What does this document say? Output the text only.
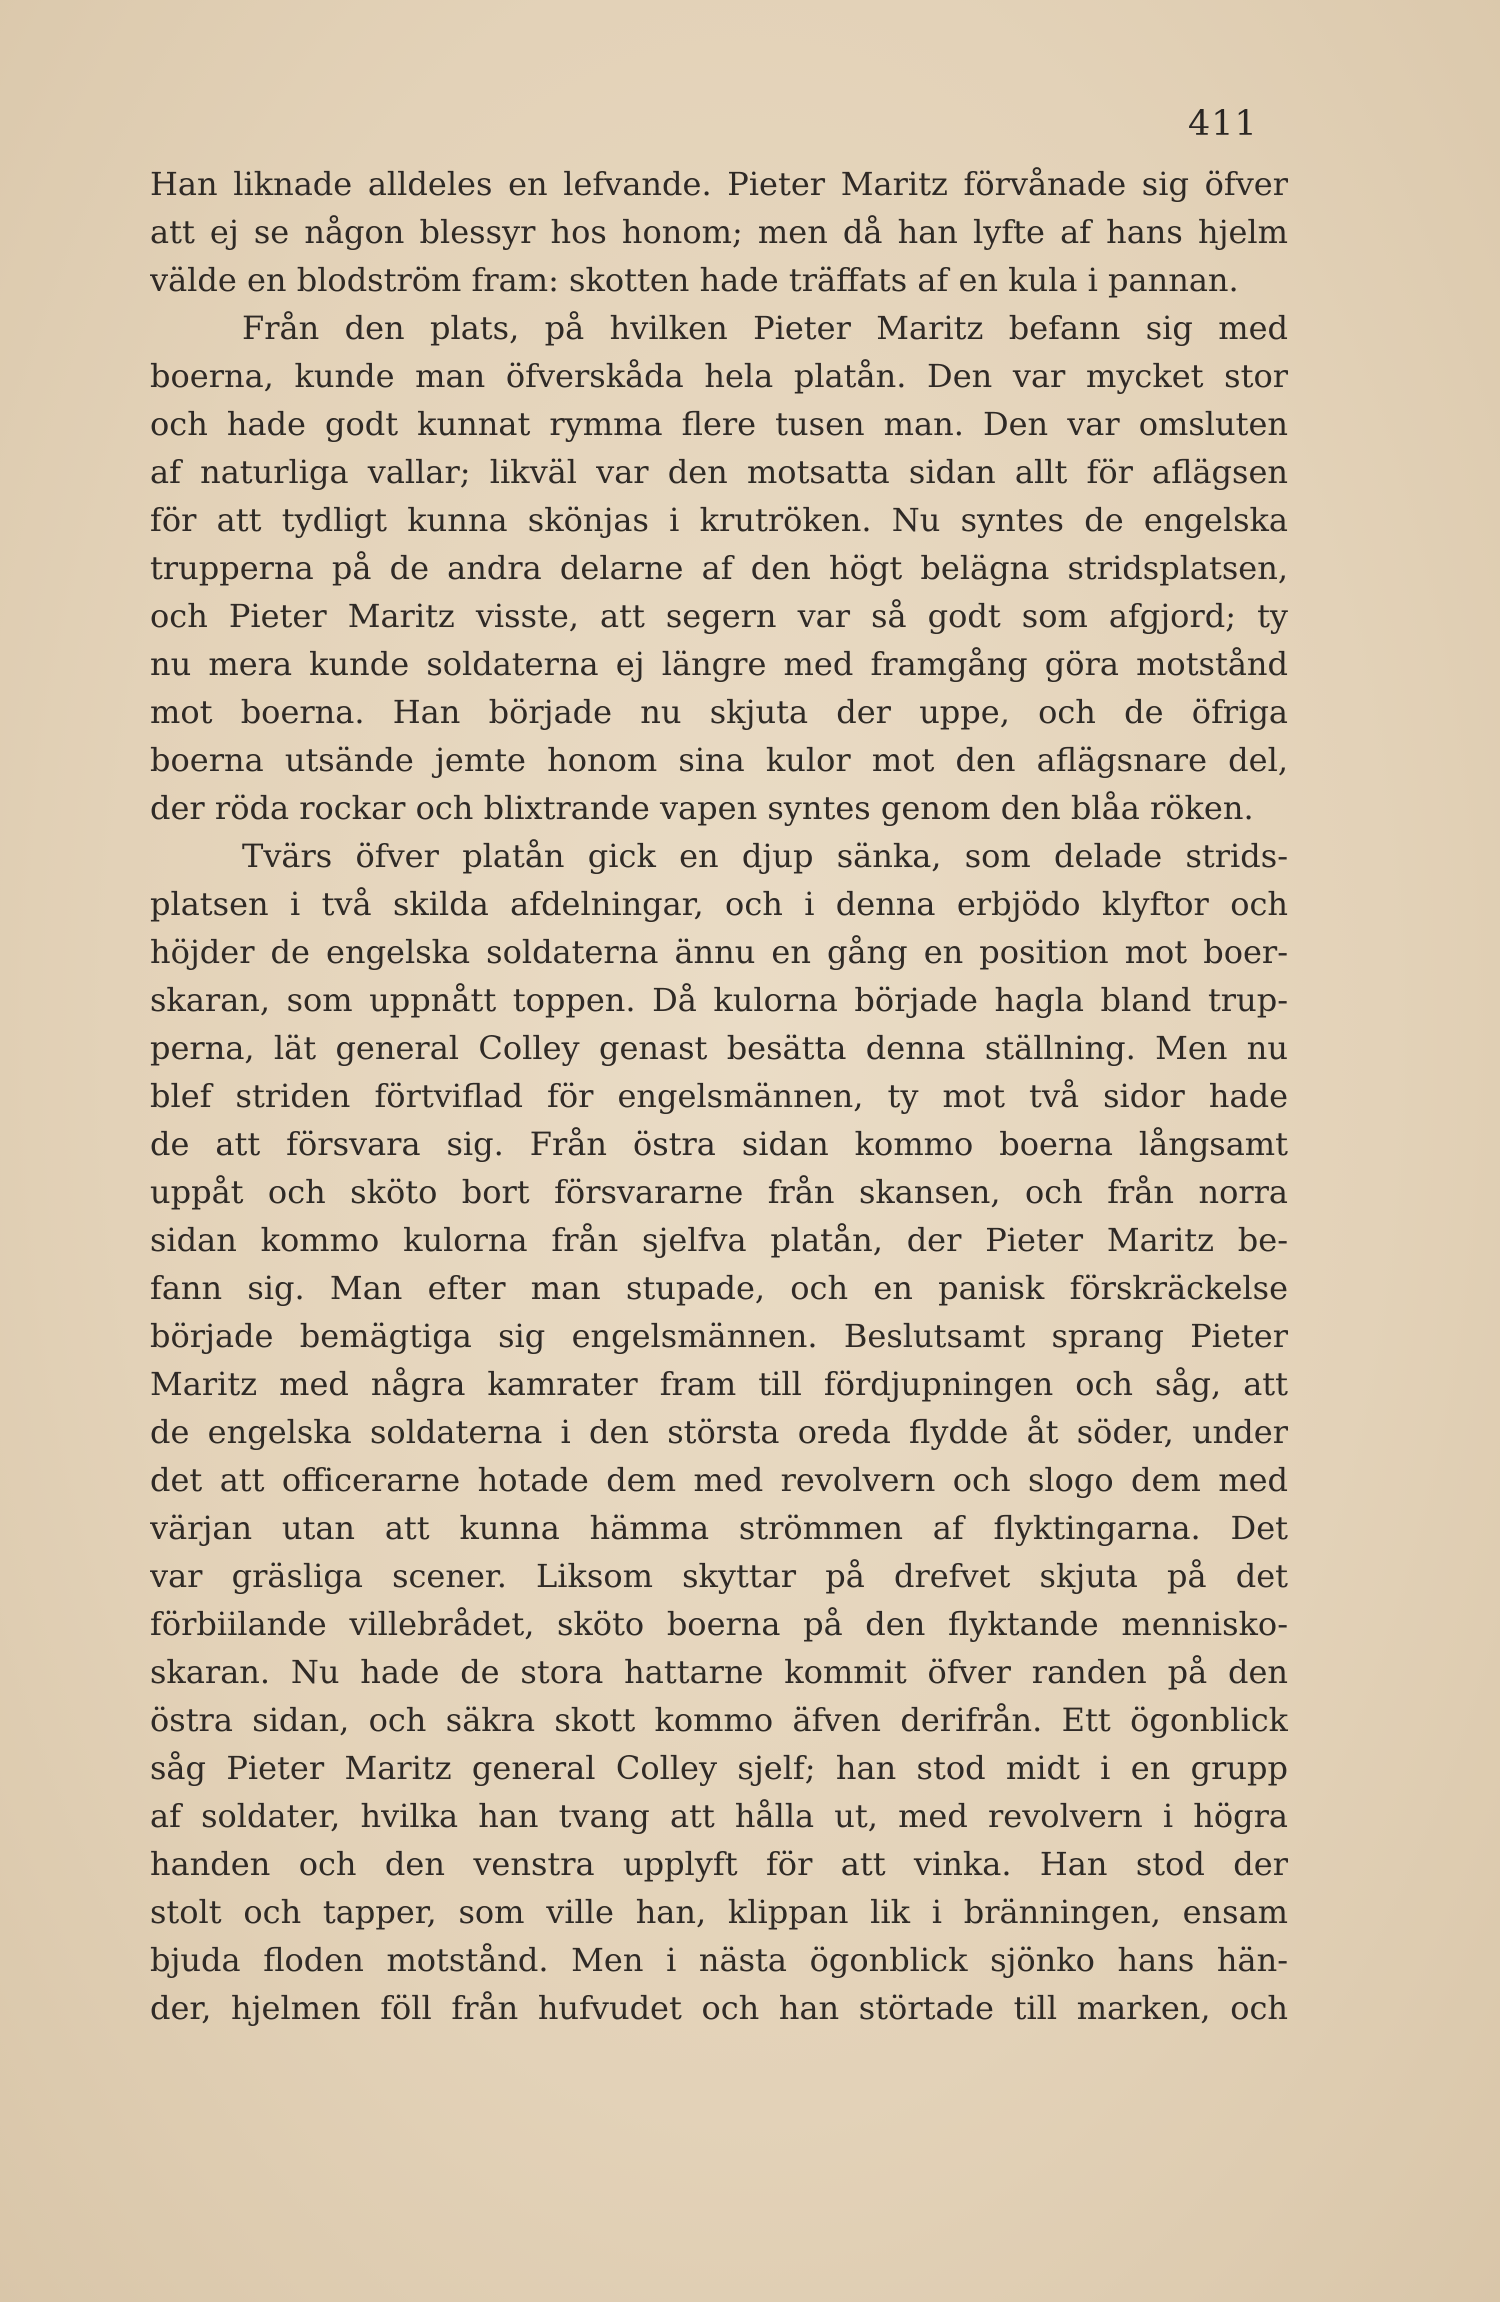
411
Han liknade alldeles en lefvande. Pieter Maritz förvånade sig öfver
att ej se någon blessyr hos honom; men då han lyfte af hans hjelm
välde en blodström fram: skotten hade träffats af en kula i pannan.
Från den plats, på hvilken Pieter Maritz befann sig med
boerna, kunde man öfverskåda hela platån. Den var mycket stor
och hade godt kunnat rymma flere tusen man. Den var omsluten
af naturliga vallar; likväl var den motsatta sidan allt för aflägsen
för att tydligt kunna skönjas i krutröken. Nu syntes de engelska
trupperna på de andra delarne af den högt belägna stridsplatsen,
och Pieter Maritz visste, att segern var så godt som afgjord; ty
nu mera kunde soldaterna ej längre med framgång göra motstånd
mot boerna. Han började nu skjuta der uppe, och de öfriga
boerna utsände jemte honom sina kulor mot den aflägsnare del,
der röda rockar och blixtrande vapen syntes genom den blåa röken.
Tvärs öfver platån gick en djup sänka, som delade strids-
platsen i två skilda afdelningar, och i denna erbjödo klyftor och
höjder de engelska soldaterna ännu en gång en position mot boer-
skaran, som uppnått toppen. Då kulorna började hagla bland trup-
perna, lät general Colley genast besätta denna ställning. Men nu
blef striden förtviflad för engelsmännen, ty mot två sidor hade
de att försvara sig. Från östra sidan kommo boerna långsamt
uppåt och sköto bort försvararne från skansen, och från norra
sidan kommo kulorna från sjelfva platån, der Pieter Maritz be-
fann sig. Man efter man stupade, och en panisk förskräckelse
började bemägtiga sig engelsmännen. Beslutsamt sprang Pieter
Maritz med några kamrater fram till fördjupningen och såg, att
de engelska soldaterna i den största oreda flydde åt söder, under
det att officerarne hotade dem med revolvern och slogo dem med
värjan utan att kunna hämma strömmen af flyktingarna. Det
var gräsliga scener. Liksom skyttar på drefvet skjuta på det
förbiilande villebrådet, sköto boerna på den flyktande mennisko-
skaran. Nu hade de stora hattarne kommit öfver randen på den
östra sidan, och säkra skott kommo äfven derifrån. Ett ögonblick
såg Pieter Maritz general Colley sjelf; han stod midt i en grupp
af soldater, hvilka han tvang att hålla ut, med revolvern i högra
handen och den venstra upplyft för att vinka. Han stod der
stolt och tapper, som ville han, klippan lik i bränningen, ensam
bjuda floden motstånd. Men i nästa ögonblick sjönko hans hän-
der, hjelmen föll från hufvudet och han störtade till marken, och
